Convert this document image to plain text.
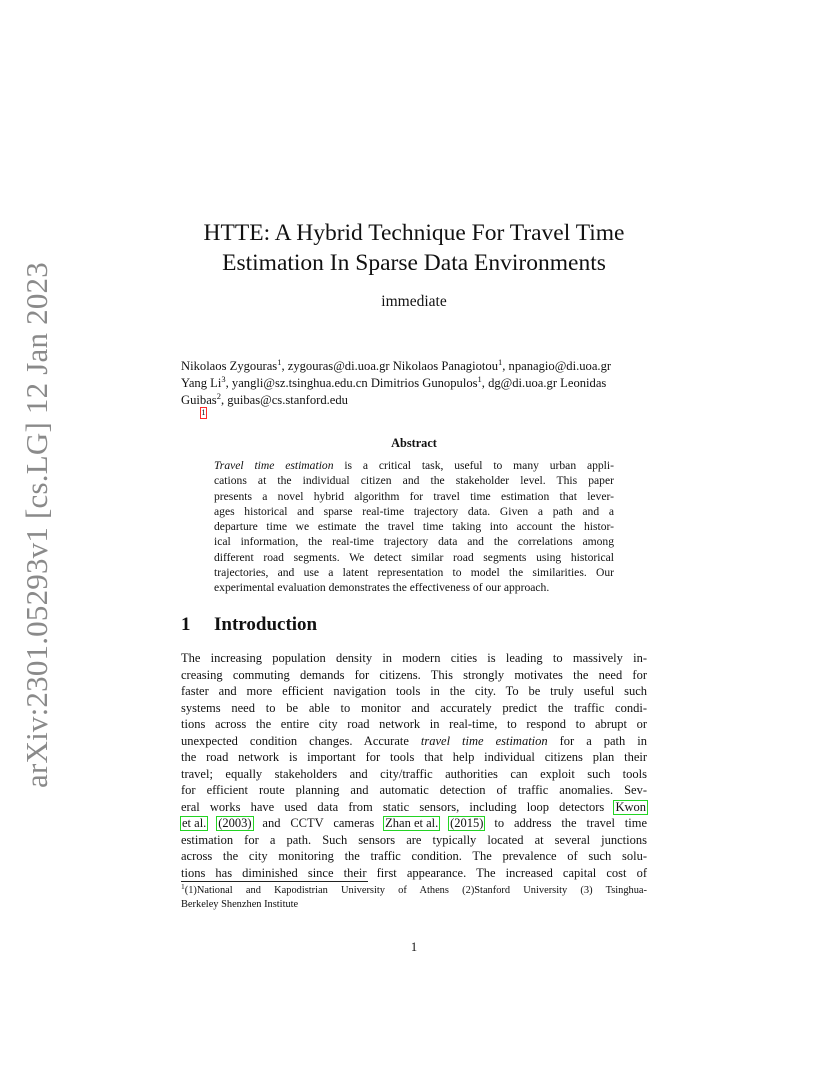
arXiv:2301.05293v1 [cs.LG] 12 Jan 2023
HTTE: A Hybrid Technique For Travel Time
Estimation In Sparse Data Environments
immediate
Nikolaos Zygouras$^1$, zygouras@di.uoa.gr Nikolaos Panagiotou$^1$, npanagio@di.uoa.gr
Yang Li$^3$, yangli@sz.tsinghua.edu.cn Dimitrios Gunopulos$^1$, dg@di.uoa.gr Leonidas
Guibas$^2$, guibas@cs.stanford.edu
1
Abstract
Travel time estimation is a critical task, useful to many urban appli-
cations at the individual citizen and the stakeholder level. This paper
presents a novel hybrid algorithm for travel time estimation that lever-
ages historical and sparse real-time trajectory data. Given a path and a
departure time we estimate the travel time taking into account the histor-
ical information, the real-time trajectory data and the correlations among
different road segments. We detect similar road segments using historical
trajectories, and use a latent representation to model the similarities. Our
experimental evaluation demonstrates the effectiveness of our approach.
1 Introduction
The increasing population density in modern cities is leading to massively in-
creasing commuting demands for citizens. This strongly motivates the need for
faster and more efficient navigation tools in the city. To be truly useful such
systems need to be able to monitor and accurately predict the traffic condi-
tions across the entire city road network in real-time, to respond to abrupt or
unexpected condition changes. Accurate travel time estimation for a path in
the road network is important for tools that help individual citizens plan their
travel; equally stakeholders and city/traffic authorities can exploit such tools
for efficient route planning and automatic detection of traffic anomalies. Sev-
eral works have used data from static sensors, including loop detectors Kwon
et al. (2003) and CCTV cameras Zhan et al. (2015) to address the travel time
estimation for a path. Such sensors are typically located at several junctions
across the city monitoring the traffic condition. The prevalence of such solu-
tions has diminished since their first appearance. The increased capital cost of
$^1$(1)National and Kapodistrian University of Athens (2)Stanford University (3) Tsinghua-
Berkeley Shenzhen Institute
1
